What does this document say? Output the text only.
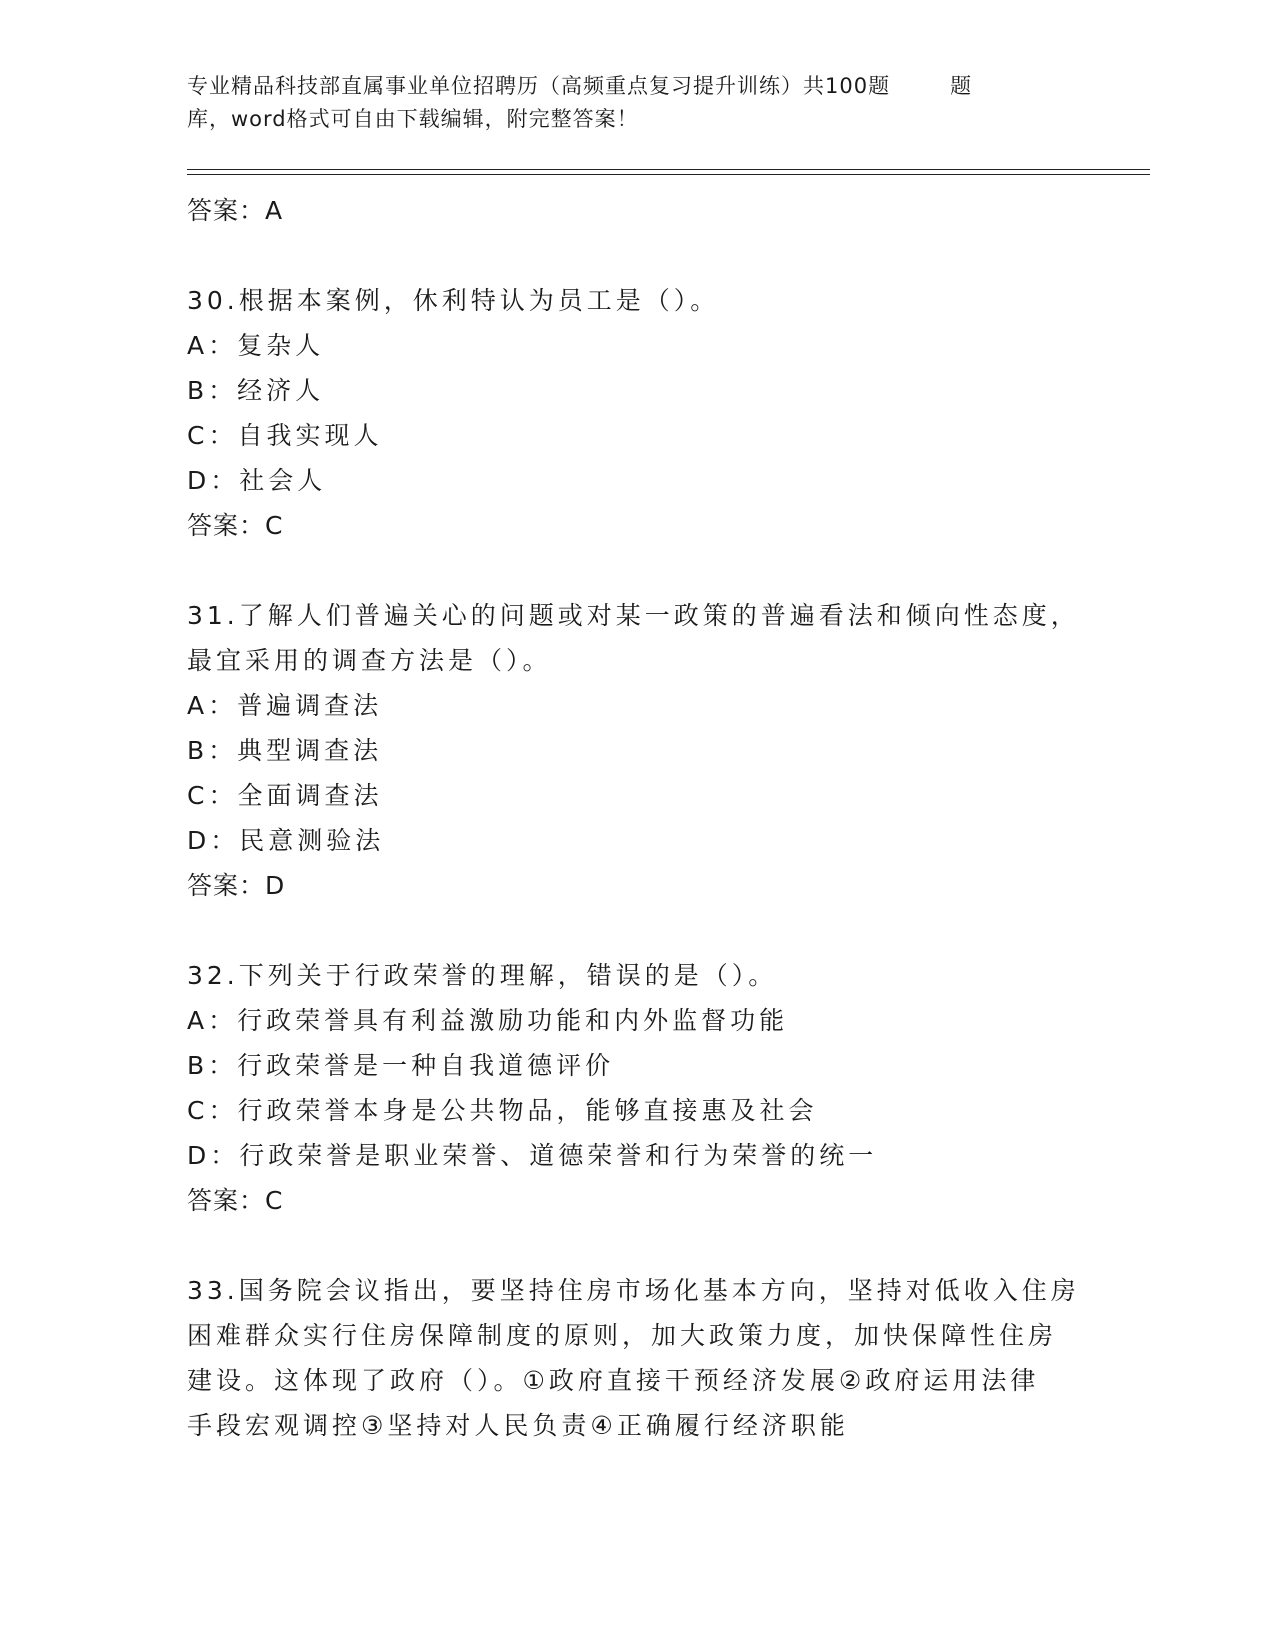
专业精品科技部直属事业单位招聘历（高频重点复习提升训练）共100题	题
库，word格式可自由下载编辑，附完整答案！
答案：A
30.根据本案例，休利特认为员工是（）。
A：复杂人
B：经济人
C：自我实现人
D：社会人
答案：C
31.了解人们普遍关心的问题或对某一政策的普遍看法和倾向性态度，
最宜采用的调查方法是（）。
A：普遍调查法
B：典型调查法
C：全面调查法
D：民意测验法
答案：D
32.下列关于行政荣誉的理解，错误的是（）。
A：行政荣誉具有利益激励功能和内外监督功能
B：行政荣誉是一种自我道德评价
C：行政荣誉本身是公共物品，能够直接惠及社会
D：行政荣誉是职业荣誉、道德荣誉和行为荣誉的统一
答案：C
33.国务院会议指出，要坚持住房市场化基本方向，坚持对低收入住房
困难群众实行住房保障制度的原则，加大政策力度，加快保障性住房
建设。这体现了政府（）。①政府直接干预经济发展②政府运用法律
手段宏观调控③坚持对人民负责④正确履行经济职能
